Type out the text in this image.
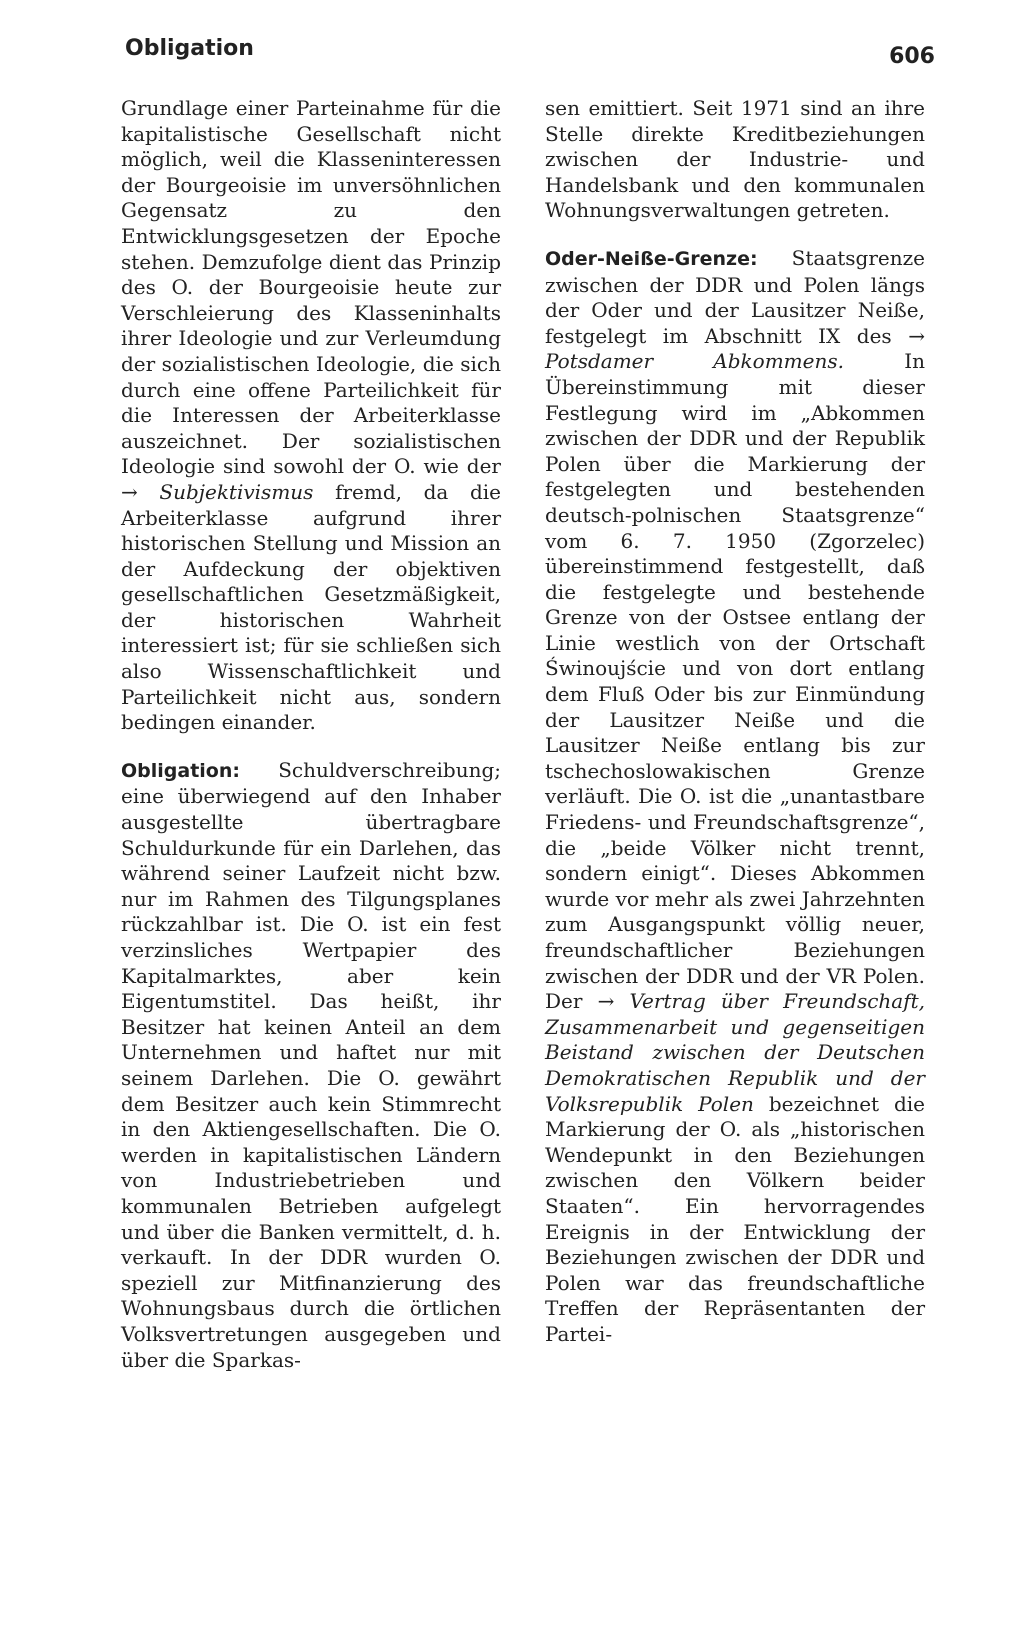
Obligation	606

Grundlage einer Parteinahme für die kapitalistische Gesellschaft nicht möglich, weil die Klasseninteressen der Bourgeoisie im unversöhnlichen Gegensatz zu den Entwicklungsgesetzen der Epoche stehen. Demzufolge dient das Prinzip des O. der Bourgeoisie heute zur Verschleierung des Klasseninhalts ihrer Ideologie und zur Verleumdung der sozialistischen Ideologie, die sich durch eine offene Parteilichkeit für die Interessen der Arbeiterklasse auszeichnet. Der sozialistischen Ideologie sind sowohl der O. wie der → Subjektivismus fremd, da die Arbeiterklasse aufgrund ihrer historischen Stellung und Mission an der Aufdeckung der objektiven gesellschaftlichen Gesetzmäßigkeit, der historischen Wahrheit interessiert ist; für sie schließen sich also Wissenschaftlichkeit und Parteilichkeit nicht aus, sondern bedingen einander.

Obligation: Schuldverschreibung; eine überwiegend auf den Inhaber ausgestellte übertragbare Schuldurkunde für ein Darlehen, das während seiner Laufzeit nicht bzw. nur im Rahmen des Tilgungsplanes rückzahlbar ist. Die O. ist ein fest verzinsliches Wertpapier des Kapitalmarktes, aber kein Eigentumstitel. Das heißt, ihr Besitzer hat keinen Anteil an dem Unternehmen und haftet nur mit seinem Darlehen. Die O. gewährt dem Besitzer auch kein Stimmrecht in den Aktiengesellschaften. Die O. werden in kapitalistischen Ländern von Industriebetrieben und kommunalen Betrieben aufgelegt und über die Banken vermittelt, d. h. verkauft. In der DDR wurden O. speziell zur Mitfinanzierung des Wohnungsbaus durch die örtlichen Volksvertretungen ausgegeben und über die Sparkas-

sen emittiert. Seit 1971 sind an ihre Stelle direkte Kreditbeziehungen zwischen der Industrie- und Handelsbank und den kommunalen Wohnungsverwaltungen getreten.

Oder-Neiße-Grenze: Staatsgrenze zwischen der DDR und Polen längs der Oder und der Lausitzer Neiße, festgelegt im Abschnitt IX des → Potsdamer Abkommens.	In Übereinstimmung mit dieser Festlegung wird im „Abkommen zwischen der DDR und der Republik Polen über die Markierung der festgelegten und bestehenden deutsch-polnischen Staatsgrenze“ vom 6. 7. 1950 (Zgorzelec) übereinstimmend festgestellt, daß die festgelegte und bestehende Grenze von der Ostsee entlang der Linie westlich von der Ortschaft Świnoujście und von dort entlang dem Fluß Oder bis zur Einmündung der Lausitzer Neiße und die Lausitzer Neiße entlang bis zur tschechoslowakischen Grenze verläuft. Die O. ist die „unantastbare Friedens- und Freundschaftsgrenze“, die „beide Völker nicht trennt, sondern einigt“. Dieses Abkommen wurde vor mehr als zwei Jahrzehnten zum Ausgangspunkt völlig neuer, freundschaftlicher Beziehungen zwischen der DDR und der VR Polen. Der → Vertrag über Freundschaft, Zusammenarbeit und gegenseitigen Beistand zwischen der Deutschen Demokratischen Republik und der Volksrepublik Polen bezeichnet die Markierung der O. als „historischen Wendepunkt in den Beziehungen zwischen den Völkern beider Staaten“. Ein hervorragendes Ereignis in der Entwicklung der Beziehungen zwischen der DDR und Polen war das freundschaftliche Treffen der Repräsentanten der Partei-
